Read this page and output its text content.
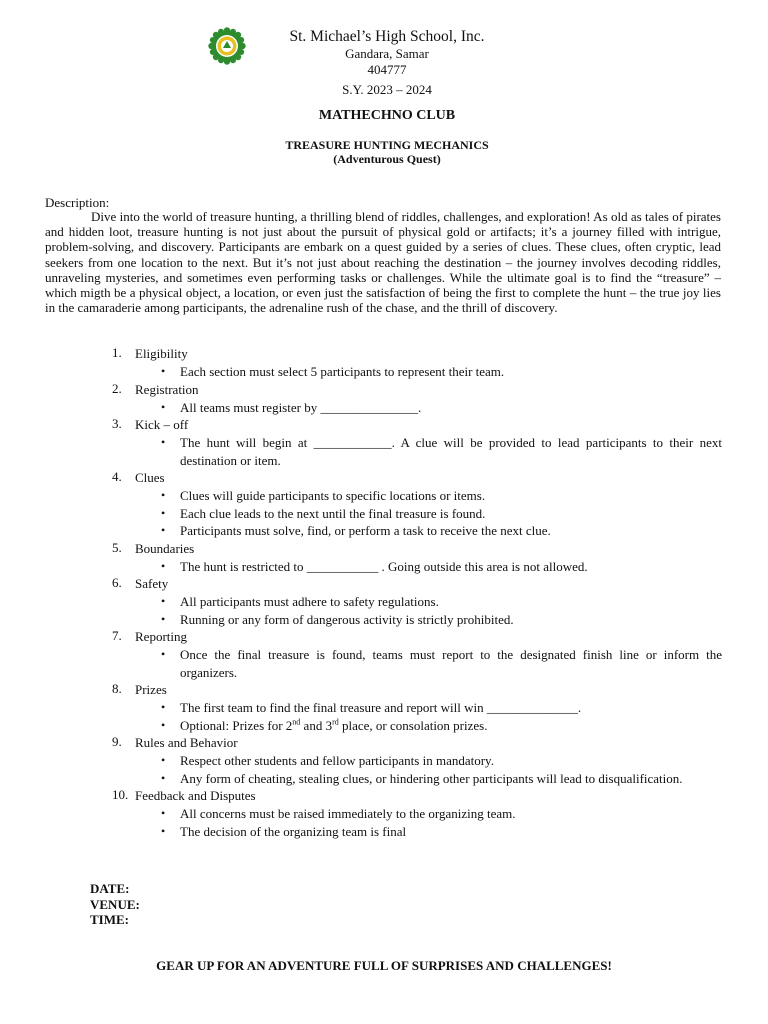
St. Michael’s High School, Inc.
Gandara, Samar
404777
S.Y. 2023 – 2024
MATHECHNO CLUB
TREASURE HUNTING MECHANICS
(Adventurous Quest)
Description:

Dive into the world of treasure hunting, a thrilling blend of riddles, challenges, and exploration! As old as tales of pirates and hidden loot, treasure hunting is not just about the pursuit of physical gold or artifacts; it’s a journey filled with intrigue, problem-solving, and discovery. Participants are embark on a quest guided by a series of clues. These clues, often cryptic, lead seekers from one location to the next. But it’s not just about reaching the destination – the journey involves decoding riddles, unraveling mysteries, and sometimes even performing tasks or challenges. While the ultimate goal is to find the “treasure” – which migth be a physical object, a location, or even just the satisfaction of being the first to complete the hunt – the true joy lies in the camaraderie among participants, the adrenaline rush of the chase, and the thrill of discovery.

1. Eligibility
• Each section must select 5 participants to represent their team.
2. Registration
• All teams must register by _______________.
3. Kick – off
• The hunt will begin at ____________. A clue will be provided to lead participants to their next destination or item.
4. Clues
• Clues will guide participants to specific locations or items.
• Each clue leads to the next until the final treasure is found.
• Participants must solve, find, or perform a task to receive the next clue.
5. Boundaries
• The hunt is restricted to ___________ . Going outside this area is not allowed.
6. Safety
• All participants must adhere to safety regulations.
• Running or any form of dangerous activity is strictly prohibited.
7. Reporting
• Once the final treasure is found, teams must report to the designated finish line or inform the organizers.
8. Prizes
• The first team to find the final treasure and report will win ______________.
• Optional: Prizes for 2nd and 3rd place, or consolation prizes.
9. Rules and Behavior
• Respect other students and fellow participants in mandatory.
• Any form of cheating, stealing clues, or hindering other participants will lead to disqualification.
10. Feedback and Disputes
• All concerns must be raised immediately to the organizing team.
• The decision of the organizing team is final
DATE:
VENUE:
TIME:
GEAR UP FOR AN ADVENTURE FULL OF SURPRISES AND CHALLENGES!
